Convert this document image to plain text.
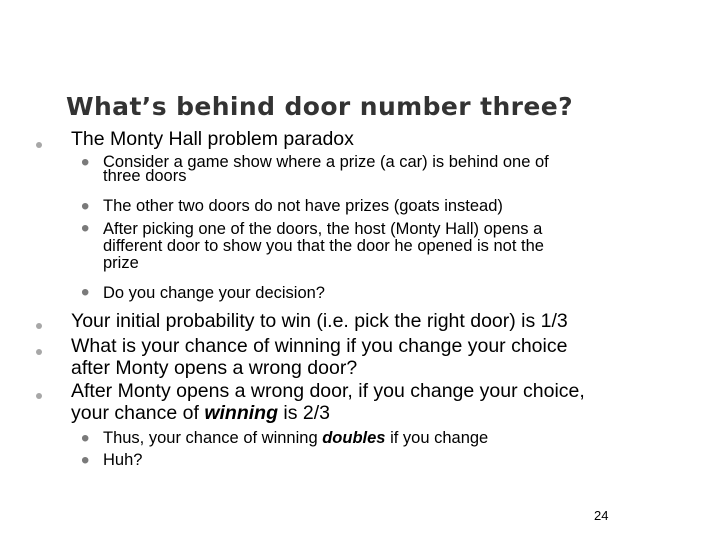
What’s behind door number three?
The Monty Hall problem paradox
• Consider a game show where a prize (a car) is behind one of
three doors
• The other two doors do not have prizes (goats instead)
• After picking one of the doors, the host (Monty Hall) opens a
different door to show you that the door he opened is not the
prize
• Do you change your decision?
Your initial probability to win (i.e. pick the right door) is 1/3
What is your chance of winning if you change your choice
after Monty opens a wrong door?
After Monty opens a wrong door, if you change your choice,
your chance of winning is 2/3
• Thus, your chance of winning doubles if you change
• Huh?
24
